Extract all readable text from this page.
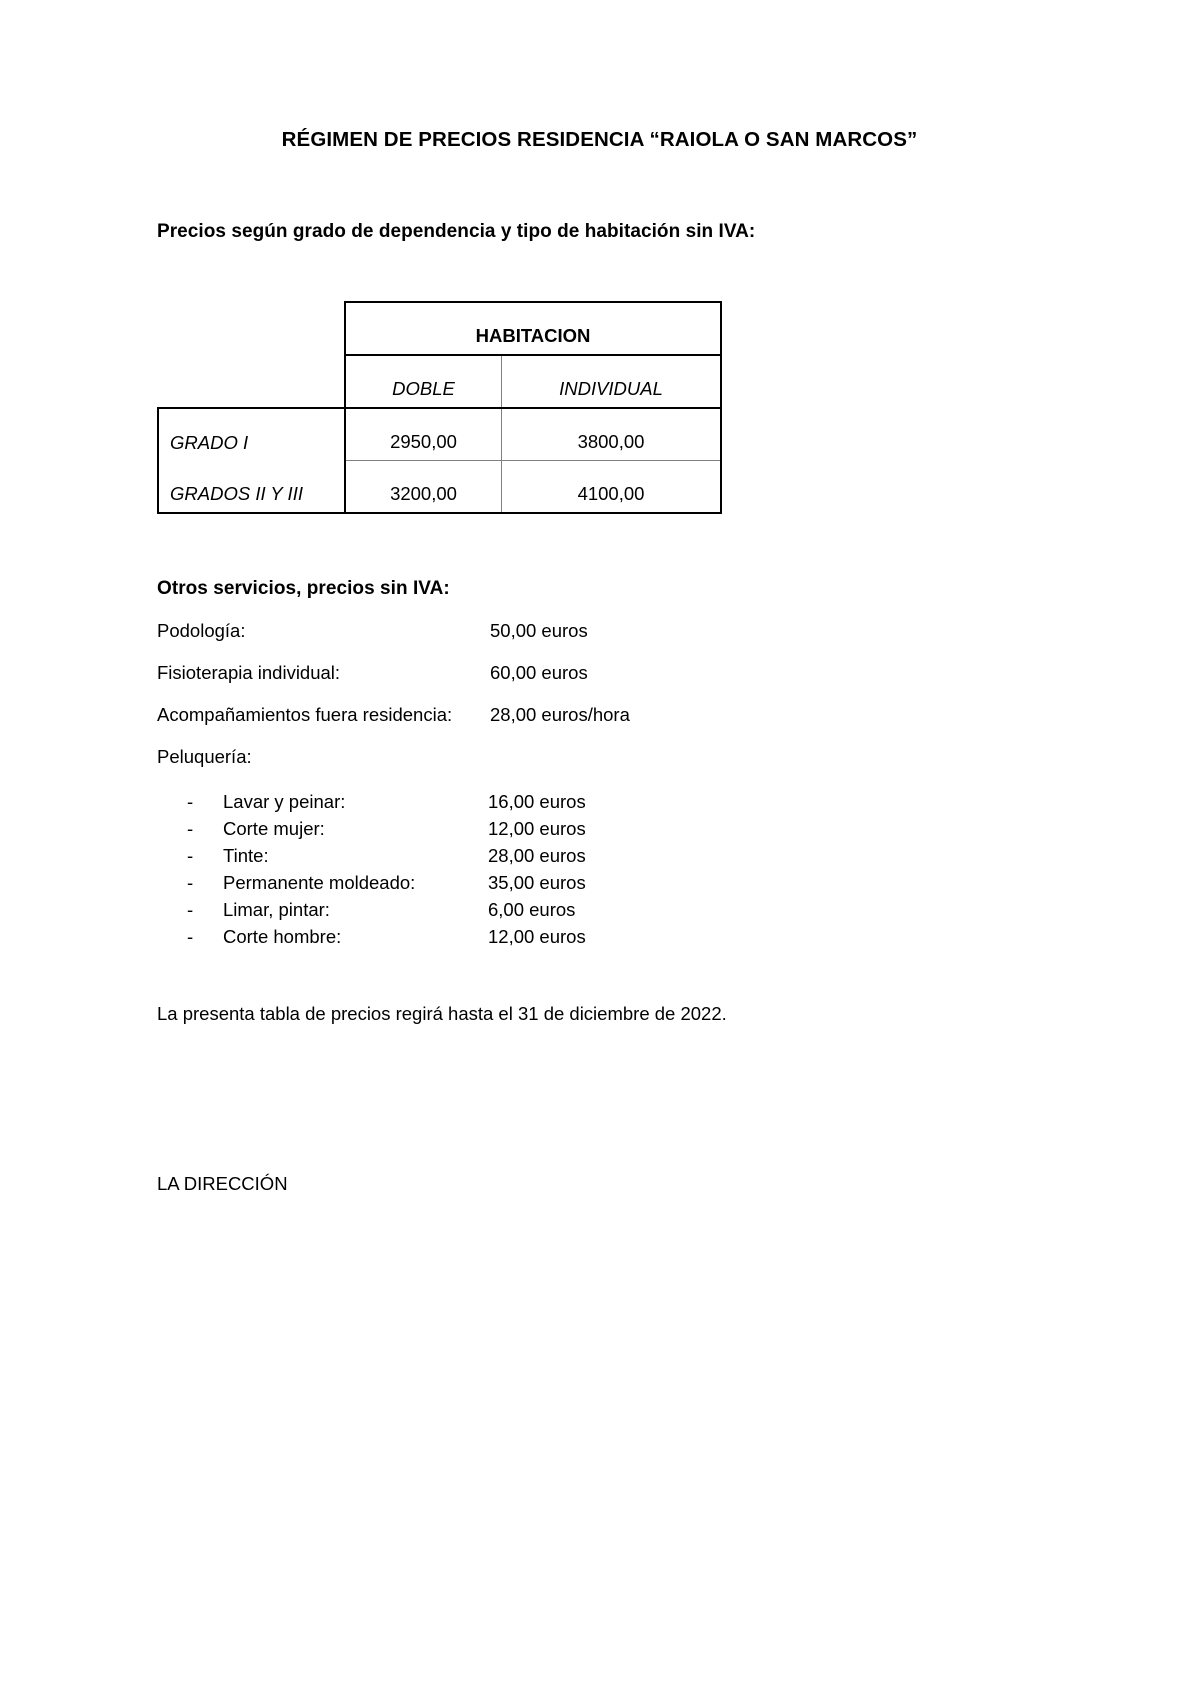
RÉGIMEN DE PRECIOS RESIDENCIA “RAIOLA O SAN MARCOS”
Precios según grado de dependencia y tipo de habitación sin IVA:

	HABITACION	

	DOBLE	INDIVIDUAL

GRADO I	2950,00	3800,00

GRADOS II Y III	3200,00	4100,00
Otros servicios, precios sin IVA:
Podología:	50,00 euros
Fisioterapia individual:	60,00 euros
Acompañamientos fuera residencia: 28,00 euros/hora
Peluquería:
- Lavar y peinar:	16,00 euros
- Corte mujer:	12,00 euros
- Tinte:	28,00 euros
- Permanente moldeado:	35,00 euros
- Limar, pintar:	6,00 euros
- Corte hombre:	12,00 euros
La presenta tabla de precios regirá hasta el 31 de diciembre de 2022.
LA DIRECCIÓN
